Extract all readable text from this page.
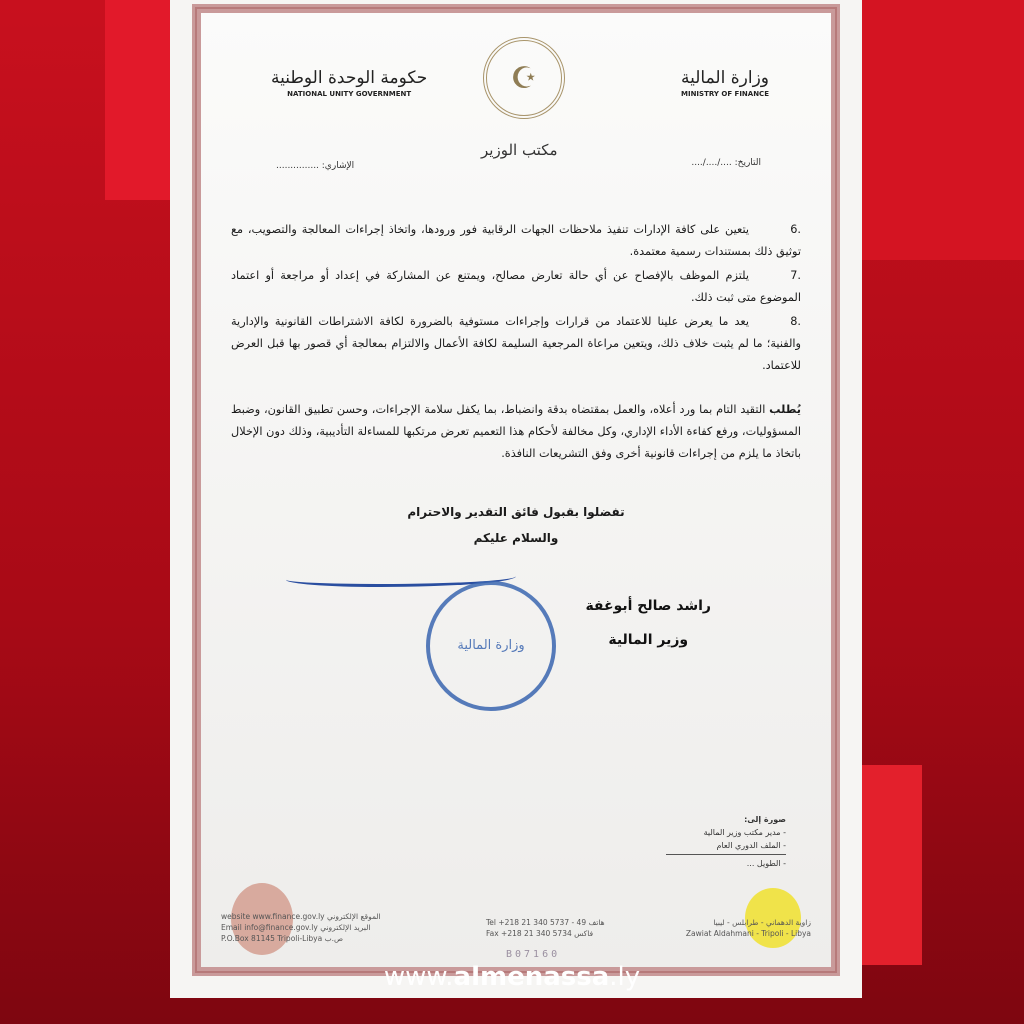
وزارة المالية
MINISTRY OF FINANCE
☪
حكومة الوحدة الوطنية
NATIONAL UNITY GOVERNMENT
مكتب الوزير
التاريخ: ..../..../....
الإشاري: ...............
6.يتعين على كافة الإدارات تنفيذ ملاحظات الجهات الرقابية فور ورودها، واتخاذ إجراءات المعالجة والتصويب، مع توثيق ذلك بمستندات رسمية معتمدة.
7.يلتزم الموظف بالإفصاح عن أي حالة تعارض مصالح، ويمتنع عن المشاركة في إعداد أو مراجعة أو اعتماد الموضوع متى ثبت ذلك.
8.يعد ما يعرض علينا للاعتماد من قرارات وإجراءات مستوفية بالضرورة لكافة الاشتراطات القانونية والإدارية والفنية؛ ما لم يثبت خلاف ذلك، ويتعين مراعاة المرجعية السليمة لكافة الأعمال والالتزام بمعالجة أي قصور بها قبل العرض للاعتماد.
يُطلب التقيد التام بما ورد أعلاه، والعمل بمقتضاه بدقة وانضباط، بما يكفل سلامة الإجراءات، وحسن تطبيق القانون، وضبط المسؤوليات، ورفع كفاءة الأداء الإداري، وكل مخالفة لأحكام هذا التعميم تعرض مرتكبها للمساءلة التأديبية، وذلك دون الإخلال باتخاذ ما يلزم من إجراءات قانونية أخرى وفق التشريعات النافذة.
تفضلوا بقبول فائق التقدير والاحترام
والسلام عليكم
وزارة المالية
راشد صالح أبوغفة
وزير المالية
صورة إلى:
- مدير مكتب وزير المالية
- الملف الدوري العام
- الطويل ...
زاوية الدهماني - طرابلس - ليبيا
Zawiat Aldahmani - Tripoli - Libya
Tel +218 21 340 5737 - 49 هاتف
Fax +218 21 340 5734 فاكس
website www.finance.gov.ly الموقع الإلكتروني
Email info@finance.gov.ly البريد الإلكتروني
P.O.Box 81145 Tripoli-Libya ص.ب
B07160
www.almenassa.ly
